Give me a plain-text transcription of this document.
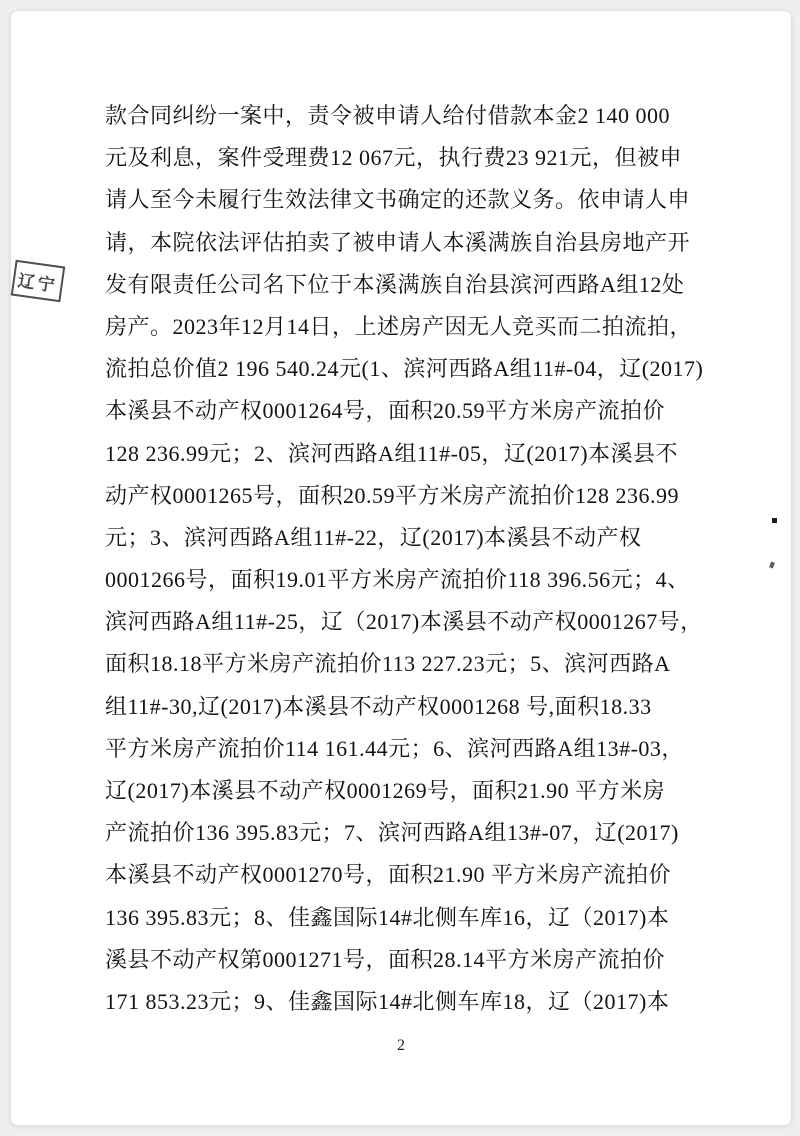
辽宁
款合同纠纷一案中，责令被申请人给付借款本金2 140 000
元及利息，案件受理费12 067元，执行费23 921元，但被申
请人至今未履行生效法律文书确定的还款义务。依申请人申
请，本院依法评估拍卖了被申请人本溪满族自治县房地产开
发有限责任公司名下位于本溪满族自治县滨河西路A组12处
房产。2023年12月14日，上述房产因无人竞买而二拍流拍，
流拍总价值2 196 540.24元(1、滨河西路A组11#-04，辽(2017)
本溪县不动产权0001264号，面积20.59平方米房产流拍价
128 236.99元；2、滨河西路A组11#-05，辽(2017)本溪县不
动产权0001265号，面积20.59平方米房产流拍价128 236.99
元；3、滨河西路A组11#-22，辽(2017)本溪县不动产权
0001266号，面积19.01平方米房产流拍价118 396.56元；4、
滨河西路A组11#-25，辽（2017)本溪县不动产权0001267号，
面积18.18平方米房产流拍价113 227.23元；5、滨河西路A
组11#-30,辽(2017)本溪县不动产权0001268 号,面积18.33
平方米房产流拍价114 161.44元；6、滨河西路A组13#-03，
辽(2017)本溪县不动产权0001269号，面积21.90 平方米房
产流拍价136 395.83元；7、滨河西路A组13#-07，辽(2017)
本溪县不动产权0001270号，面积21.90 平方米房产流拍价
136 395.83元；8、佳鑫国际14#北侧车库16，辽（2017)本
溪县不动产权第0001271号，面积28.14平方米房产流拍价
171 853.23元；9、佳鑫国际14#北侧车库18，辽（2017)本
2
